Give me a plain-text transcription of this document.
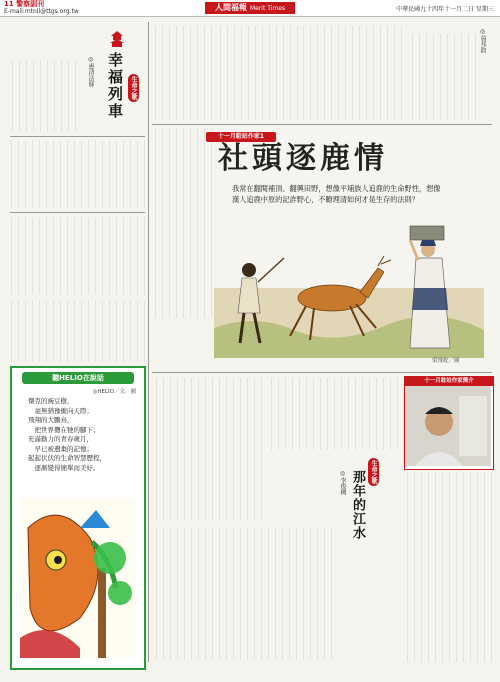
11 警察副刊
E-mail:mtnll@ttgs.org.tw	人間福報 Merit Times	中華民國九十四年十一月二日 星期三
幸福列車	生命之歌
◎惠清法師
◎翁邦鈞
十一月駐站作家1
社頭逐鹿情
我常在翻閱補頂、翻興田野，想像平埔族人追鹿的生命野性，想像漢人追鹿中原的記詐野心，不瞭理清如何才是生存的法則？
梁飛蛇／圖
聽HELIO在說話
◎HELIO／文．圖
傑克的豌豆樹，
　毫無猶豫衝向天際；
飛翔的大鵬鳥，
　把世界攬在牠的腳下；
充滿動力的青春歲月，
　早已被遺棄的記憶；
起起伏伏的生命智慧歷程，
　逐漸變得簡單而美好。
十一月駐站作家簡介
那年的江水 生命之歌
◎李俊稠
